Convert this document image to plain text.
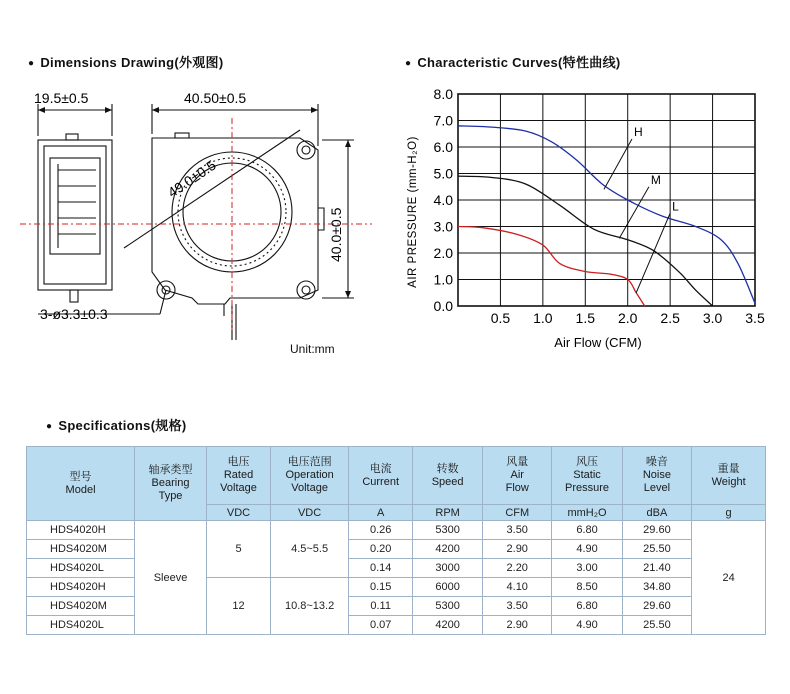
● Dimensions Drawing(外观图)	● Characteristic Curves(特性曲线)
● Specifications(规格)
19.5±0.5	40.50±0.5
49.0±0.5
40.0±0.5
3-ø3.3±0.3
Unit:mm
0.0
1.0
2.0
3.0
4.0
5.0
6.0
7.0
8.0
0.5 1.0 1.5 2.0 2.5 3.0 3.5
H
M
L
Air Flow (CFM)
AIR PRESSURE (mm-H₂O)
型号
Model	轴承类型
Bearing
Type	电压
Rated
Voltage	电压范围
Operation
Voltage	电流
Current	转数
Speed	风量
Air
Flow	风压
Static
Pressure	噪音
Noise
Level	重量
Weight

		VDC	VDC	A	RPM	CFM	mmH₂O	dBA	g
HDS4020H	Sleeve	5	4.5~5.5	0.26	5300	3.50	6.80	29.60	24
HDS4020M				0.20	4200	2.90	4.90	25.50	
HDS4020L				0.14	3000	2.20	3.00	21.40	
HDS4020H		12	10.8~13.2	0.15	6000	4.10	8.50	34.80	
HDS4020M				0.11	5300	3.50	6.80	29.60	
HDS4020L				0.07	4200	2.90	4.90	25.50	
